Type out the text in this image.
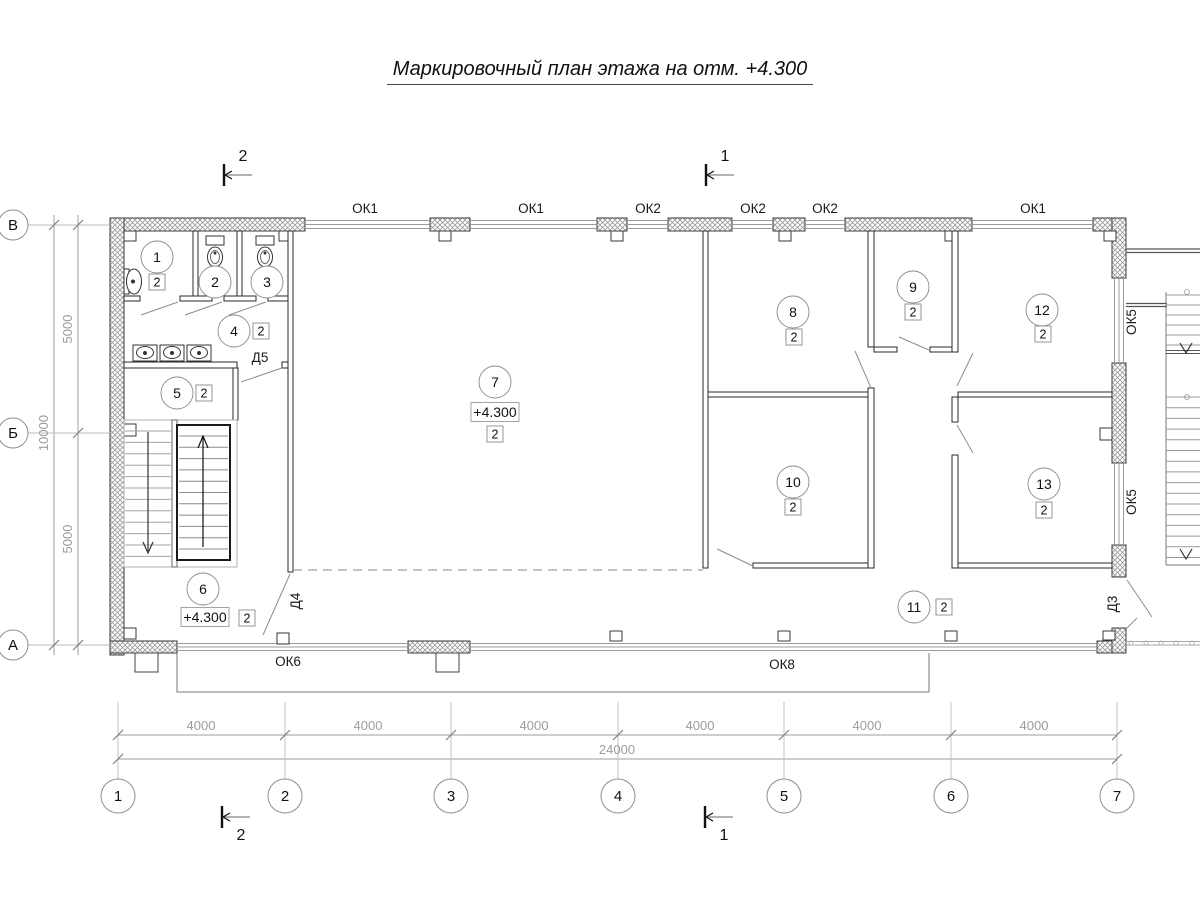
Маркировочный план этажа на отм. +4.300
1	2	3	4	5	6	7
В
Б
А
4000	4000	4000	4000	4000	4000
24000
5000
5000
10000
2	1
2	1
ОК1	ОК1	ОК2	ОК2	ОК2	ОК1
ОК5
ОК5
ОК6	ОК8
Д5
Д4	Д3
1
2	2	3
4 2
5 2
6
2
+4.300
7
2
+4.300
8
2
9
2
10
2
11 2
12
2
13
2
